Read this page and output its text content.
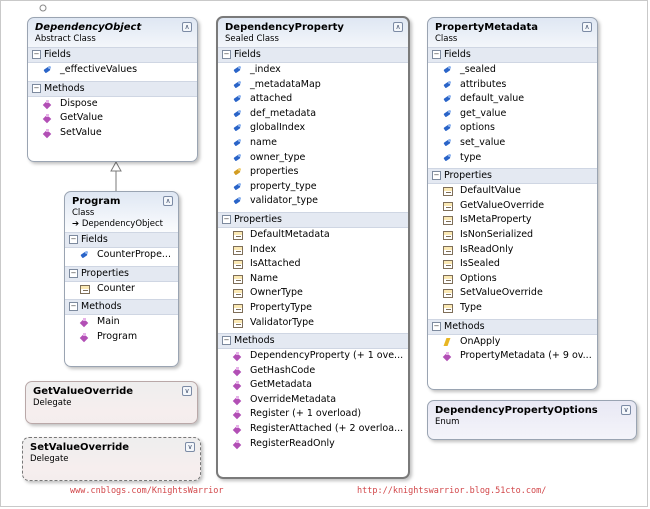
DependencyObject
Abstract Class
∧
− Fields
_effectiveValues
− Methods
Dispose
GetValue
SetValue
Program
Class
➔ DependencyObject
∧
− Fields
CounterPrope...
− Properties
Counter
− Methods
Main
Program
GetValueOverride
Delegate
∨
SetValueOverride
Delegate
∨
DependencyProperty
Sealed Class
∧
− Fields
_index
_metadataMap
attached
def_metadata
globalIndex
name
owner_type
properties
property_type
validator_type
− Properties
DefaultMetadata
Index
IsAttached
Name
OwnerType
PropertyType
ValidatorType
− Methods
DependencyProperty (+ 1 ove...
GetHashCode
GetMetadata
OverrideMetadata
Register (+ 1 overload)
RegisterAttached (+ 2 overloa...
RegisterReadOnly
PropertyMetadata
Class
∧
− Fields
_sealed
attributes
default_value
get_value
options
set_value
type
− Properties
DefaultValue
GetValueOverride
IsMetaProperty
IsNonSerialized
IsReadOnly
IsSealed
Options
SetValueOverride
Type
− Methods
OnApply
PropertyMetadata (+ 9 ov...
DependencyPropertyOptions
Enum
∨
www.cnblogs.com/KnightsWarrior	http://knightswarrior.blog.51cto.com/
